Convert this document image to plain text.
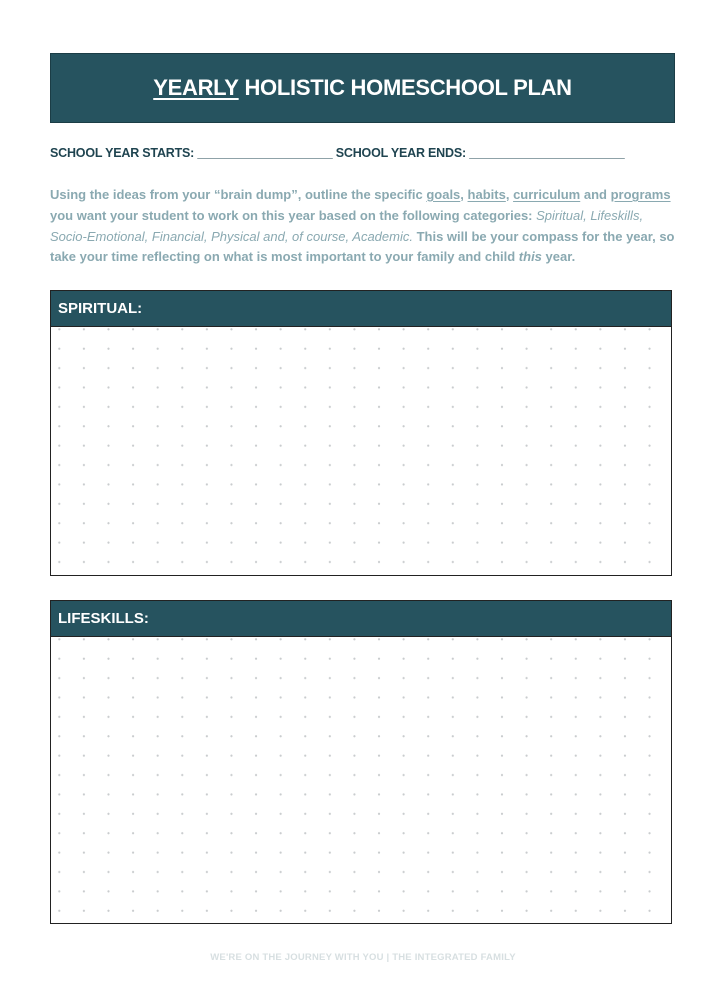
YEARLY HOLISTIC HOMESCHOOL PLAN
SCHOOL YEAR STARTS: ____________________ SCHOOL YEAR ENDS: _______________________
Using the ideas from your “brain dump”, outline the specific goals, habits, curriculum and programs you want your student to work on this year based on the following categories: Spiritual, Lifeskills, Socio-Emotional, Financial, Physical and, of course, Academic. This will be your compass for the year, so take your time reflecting on what is most important to your family and child this year.
SPIRITUAL:
LIFESKILLS:
WE'RE ON THE JOURNEY WITH YOU | THE INTEGRATED FAMILY
